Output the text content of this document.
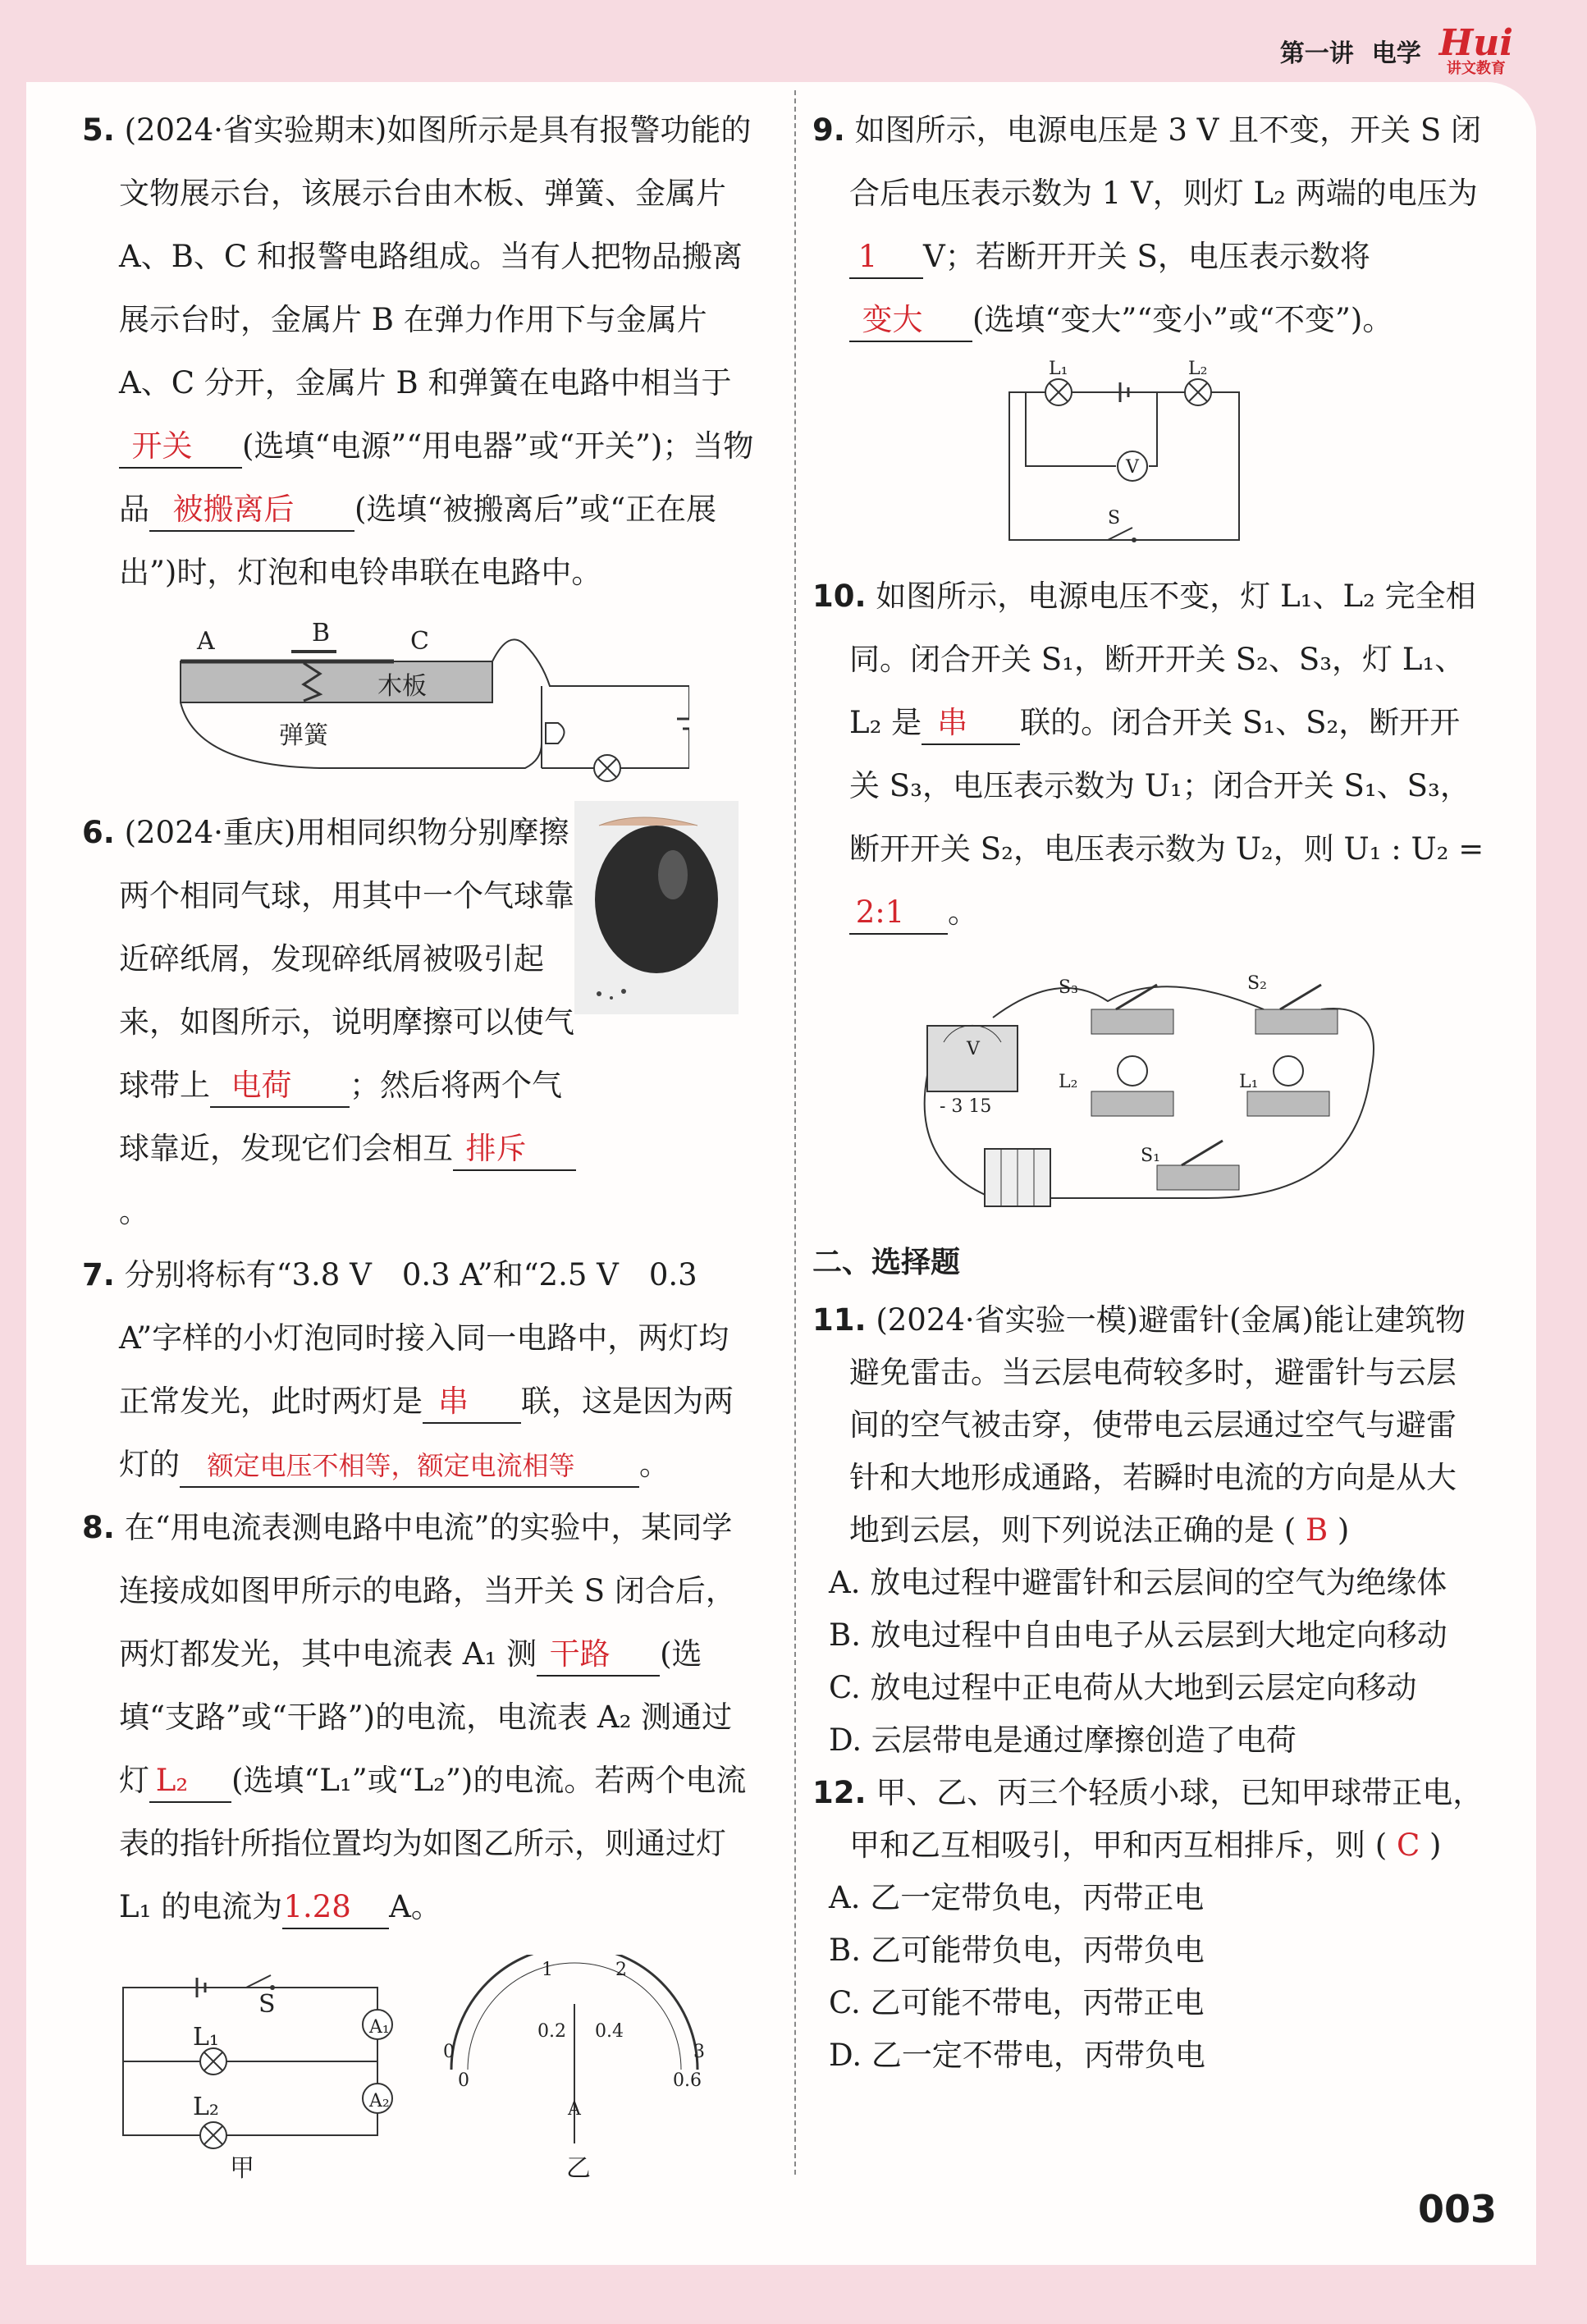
第一讲 电学 Hui
讲文教育
5. (2024·省实验期末)如图所示是具有报警功能的文物展示台，该展示台由木板、弹簧、金属片 A、B、C 和报警电路组成。当有人把物品搬离展示台时，金属片 B 在弹力作用下与金属片 A、C 分开，金属片 B 和弹簧在电路中相当于开关 (选填“电源”“用电器”或“开关”)；当物品 被搬离后 (选填“被搬离后”或“正在展出”)时，灯泡和电铃串联在电路中。
A	B	C
木板
弹簧
6. (2024·重庆)用相同织物分别摩擦两个相同气球，用其中一个气球靠近碎纸屑，发现碎纸屑被吸引起来，如图所示，说明摩擦可以使气球带上 电荷 ；然后将两个气球靠近，发现它们会相互 排斥。
7. 分别将标有“3.8 V　0.3 A”和“2.5 V　0.3 A”字样的小灯泡同时接入同一电路中，两灯均正常发光，此时两灯是 串 联，这是因为两灯的 额定电压不相等，额定电流相等 。
8. 在“用电流表测电路中电流”的实验中，某同学连接成如图甲所示的电路，当开关 S 闭合后，两灯都发光，其中电流表 A₁ 测 干路 (选填“支路”或“干路”)的电流，电流表 A₂ 测通过灯 L₂ (选填“L₁”或“L₂”)的电流。若两个电流表的指针所指位置均为如图乙所示，则通过灯 L₁ 的电流为1.28 A。
S
L₁
L₂
A₁
A₂
甲
1	2
0	3
0.2 0.4
0	0.6
A
乙
9. 如图所示，电源电压是 3 V 且不变，开关 S 闭合后电压表示数为 1 V，则灯 L₂ 两端的电压为1 V；若断开开关 S，电压表示数将变大 (选填“变大”“变小”或“不变”)。
L₁	L₂
V
S
10. 如图所示，电源电压不变，灯 L₁、L₂ 完全相同。闭合开关 S₁，断开开关 S₂、S₃，灯 L₁、L₂ 是 串 联的。闭合开关 S₁、S₂，断开开关 S₃，电压表示数为 U₁；闭合开关 S₁、S₃，断开开关 S₂，电压表示数为 U₂，则 U₁ : U₂ =2:1 。
V
- 3 15
S₃	S₂
L₂	L₁
S₁
二、选择题
11. (2024·省实验一模)避雷针(金属)能让建筑物避免雷击。当云层电荷较多时，避雷针与云层间的空气被击穿，使带电云层通过空气与避雷针和大地形成通路，若瞬时电流的方向是从大地到云层，则下列说法正确的是 ( B )
A. 放电过程中避雷针和云层间的空气为绝缘体
B. 放电过程中自由电子从云层到大地定向移动
C. 放电过程中正电荷从大地到云层定向移动
D. 云层带电是通过摩擦创造了电荷
12. 甲、乙、丙三个轻质小球，已知甲球带正电，甲和乙互相吸引，甲和丙互相排斥，则 ( C )
A. 乙一定带负电，丙带正电
B. 乙可能带负电，丙带负电
C. 乙可能不带电，丙带正电
D. 乙一定不带电，丙带负电
003
